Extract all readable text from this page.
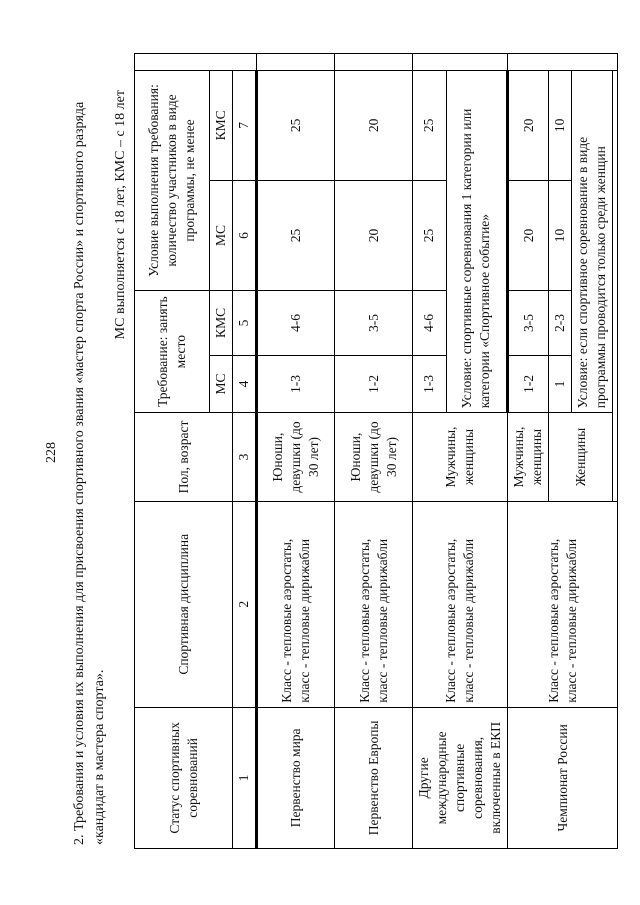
228 2. Требования и условия их выполнения для присвоения спортивного звания «мастер спорта России» и спортивного разряда «кандидат в мастера спорта».
МС выполняется с 18 лет, КМС – с 18 лет
Статус спортивных соревнований	Спортивная дисциплина	Пол, возраст	Требование: занять место		Условие выполнения требования: количество участников в виде программы, не менее		
			МС	КМС	МС	КМС	
1	2	3	4	5	6	7	
Первенство мира	Класс - тепловые аэростаты, класс - тепловые дирижабли	Юноши, девушки (до 30 лет)	1-3	4-6	25	25	
Первенство Европы	Класс - тепловые аэростаты, класс - тепловые дирижабли	Юноши, девушки (до 30 лет)	1-2	3-5	20	20	
Другие международные спортивные соревнования, включенные в ЕКП	Класс - тепловые аэростаты, класс - тепловые дирижабли	Мужчины, женщины	1-3	4-6	25	25	
			Условие: спортивные соревнования 1 категории или категории «Спортивное событие»				
Чемпионат России	Класс - тепловые аэростаты, класс - тепловые дирижабли	Мужчины, женщины	1-2	3-5	20	20	
		Женщины	1	2-3	10	10	
			Условие: если спортивное соревнование в виде программы проводится только среди женщин				
